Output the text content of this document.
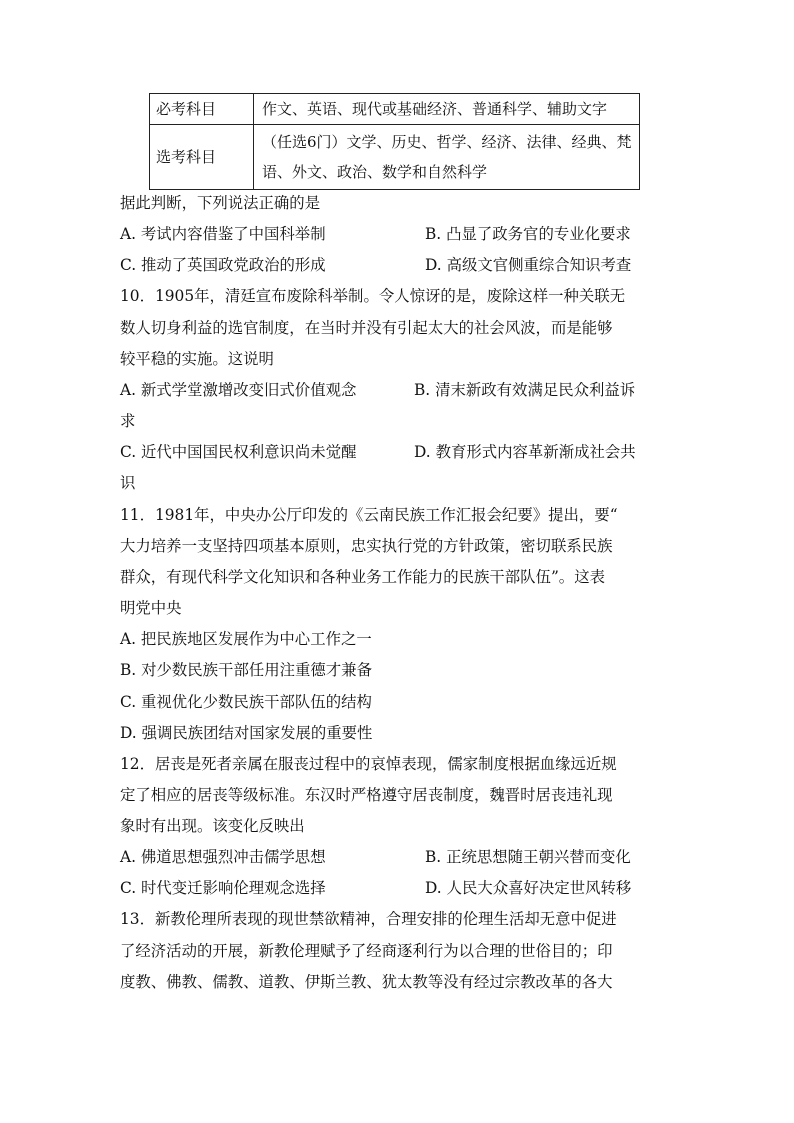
必考科目	作文、英语、现代或基础经济、普通科学、辅助文字
选考科目	（任选6门）文学、历史、哲学、经济、法律、经典、梵语、外文、政治、数学和自然科学
据此判断，下列说法正确的是
A. 考试内容借鉴了中国科举制	B. 凸显了政务官的专业化要求
C. 推动了英国政党政治的形成	D. 高级文官侧重综合知识考查
10．1905年，清廷宣布废除科举制。令人惊讶的是，废除这样一种关联无
数人切身利益的选官制度，在当时并没有引起太大的社会风波，而是能够
较平稳的实施。这说明
A. 新式学堂激增改变旧式价值观念	B. 清末新政有效满足民众利益诉
求
C. 近代中国国民权利意识尚未觉醒	D. 教育形式内容革新渐成社会共
识
11．1981年，中央办公厅印发的《云南民族工作汇报会纪要》提出，要“
大力培养一支坚持四项基本原则，忠实执行党的方针政策，密切联系民族
群众，有现代科学文化知识和各种业务工作能力的民族干部队伍”。这表
明党中央
A. 把民族地区发展作为中心工作之一
B. 对少数民族干部任用注重德才兼备
C. 重视优化少数民族干部队伍的结构
D. 强调民族团结对国家发展的重要性
12．居丧是死者亲属在服丧过程中的哀悼表现，儒家制度根据血缘远近规
定了相应的居丧等级标准。东汉时严格遵守居丧制度，魏晋时居丧违礼现
象时有出现。该变化反映出
A. 佛道思想强烈冲击儒学思想	B. 正统思想随王朝兴替而变化
C. 时代变迁影响伦理观念选择	D. 人民大众喜好决定世风转移
13．新教伦理所表现的现世禁欲精神，合理安排的伦理生活却无意中促进
了经济活动的开展，新教伦理赋予了经商逐利行为以合理的世俗目的；印
度教、佛教、儒教、道教、伊斯兰教、犹太教等没有经过宗教改革的各大
